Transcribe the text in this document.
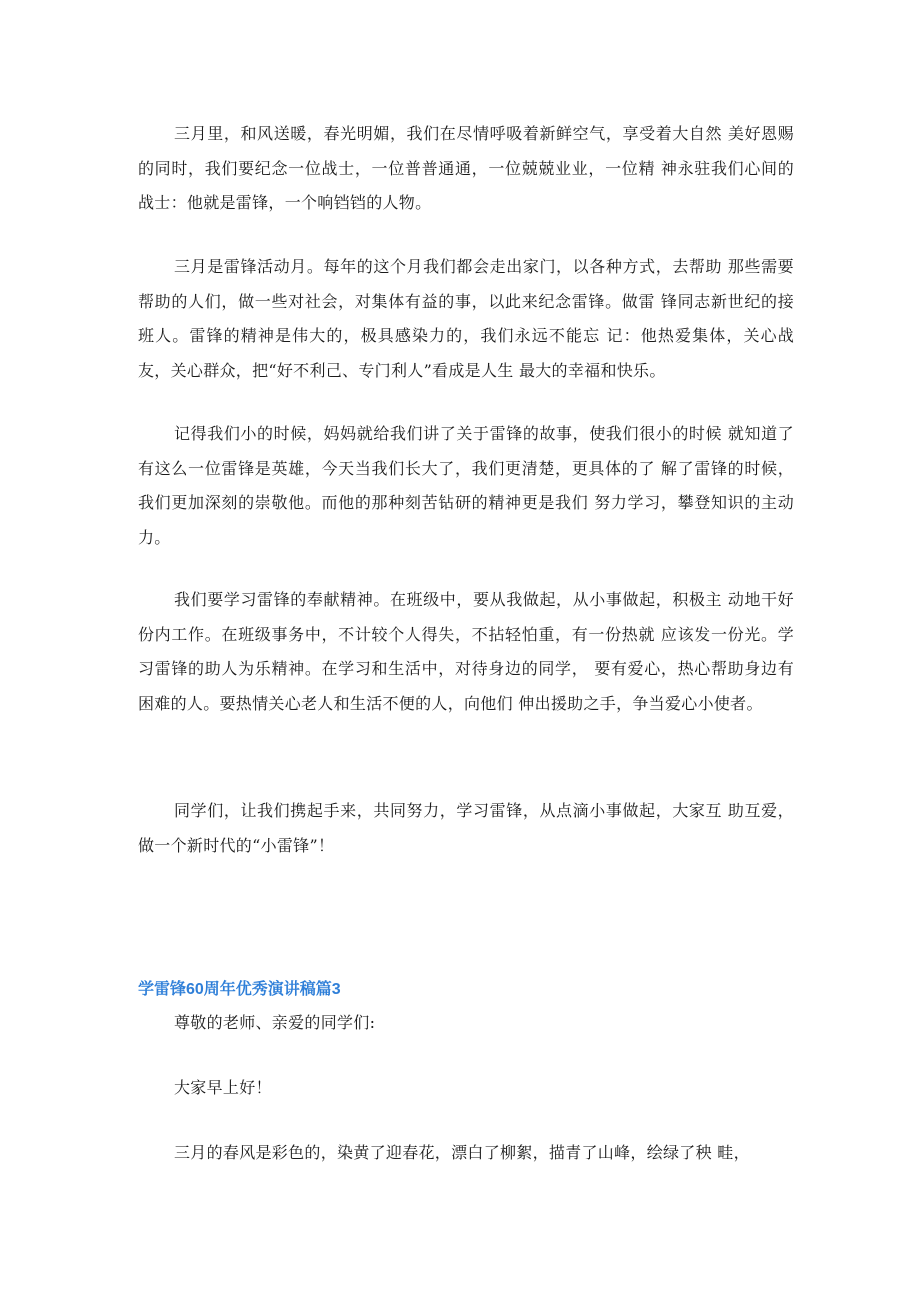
三月里，和风送暖，春光明媚，我们在尽情呼吸着新鲜空气，享受着大自然 美好恩赐的同时，我们要纪念一位战士，一位普普通通，一位兢兢业业，一位精 神永驻我们心间的战士：他就是雷锋，一个响铛铛的人物。

三月是雷锋活动月。每年的这个月我们都会走出家门，以各种方式，去帮助 那些需要帮助的人们，做一些对社会，对集体有益的事，以此来纪念雷锋。做雷 锋同志新世纪的接班人。雷锋的精神是伟大的，极具感染力的，我们永远不能忘 记：他热爱集体，关心战友，关心群众，把“好不利己、专门利人”看成是人生 最大的幸福和快乐。

记得我们小的时候，妈妈就给我们讲了关于雷锋的故事，使我们很小的时候 就知道了有这么一位雷锋是英雄，今天当我们长大了，我们更清楚，更具体的了 解了雷锋的时候，我们更加深刻的崇敬他。而他的那种刻苦钻研的精神更是我们 努力学习，攀登知识的主动力。

我们要学习雷锋的奉献精神。在班级中，要从我做起，从小事做起，积极主 动地干好份内工作。在班级事务中，不计较个人得失，不拈轻怕重，有一份热就 应该发一份光。学习雷锋的助人为乐精神。在学习和生活中，对待身边的同学， 要有爱心，热心帮助身边有困难的人。要热情关心老人和生活不便的人，向他们 伸出援助之手，争当爱心小使者。

同学们，让我们携起手来，共同努力，学习雷锋，从点滴小事做起，大家互 助互爱，做一个新时代的“小雷锋”！

学雷锋60周年优秀演讲稿篇3

尊敬的老师、亲爱的同学们:

大家早上好！

三月的春风是彩色的，染黄了迎春花，漂白了柳絮，描青了山峰，绘绿了秧 畦，
